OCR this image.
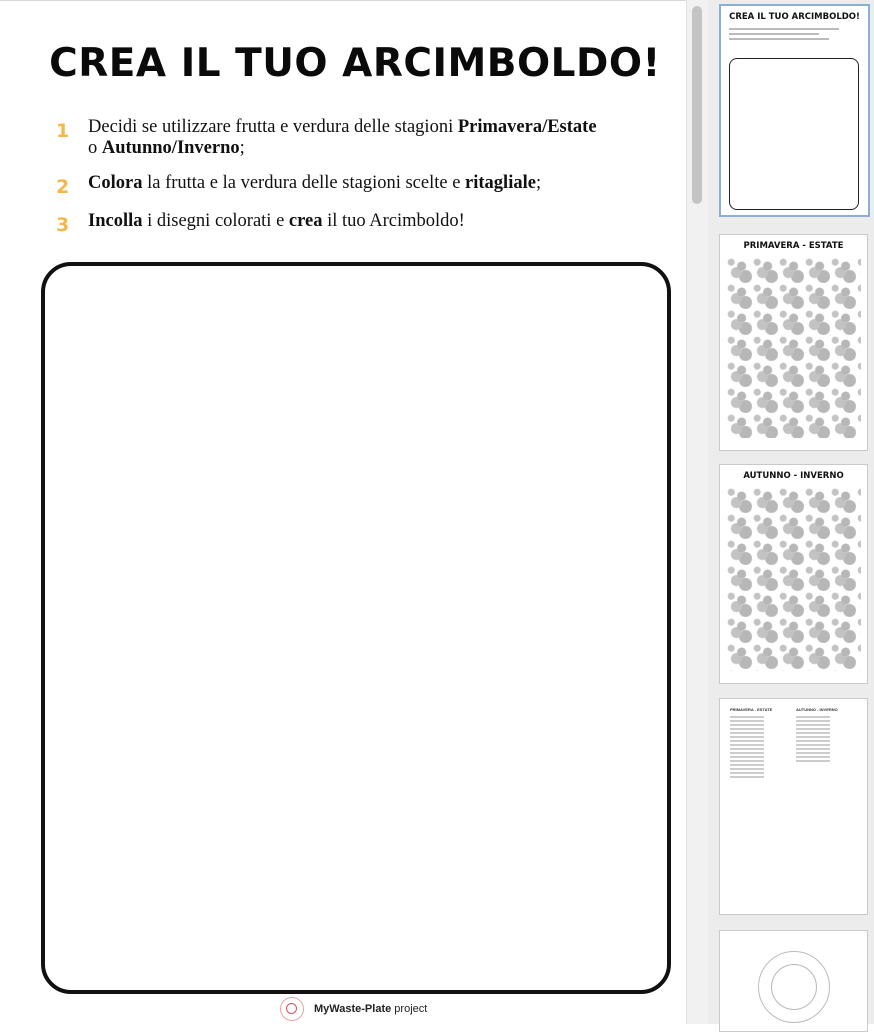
CREA IL TUO ARCIMBOLDO!
1 Decidi se utilizzare frutta e verdura delle stagioni Primavera/Estate
o Autunno/Inverno;
2 Colora la frutta e la verdura delle stagioni scelte e ritagliale;
3 Incolla i disegni colorati e crea il tuo Arcimboldo!
MyWaste-Plate project
CREA IL TUO ARCIMBOLDO!
PRIMAVERA - ESTATE
AUTUNNO - INVERNO
PRIMAVERA - ESTATE	AUTUNNO - INVERNO
